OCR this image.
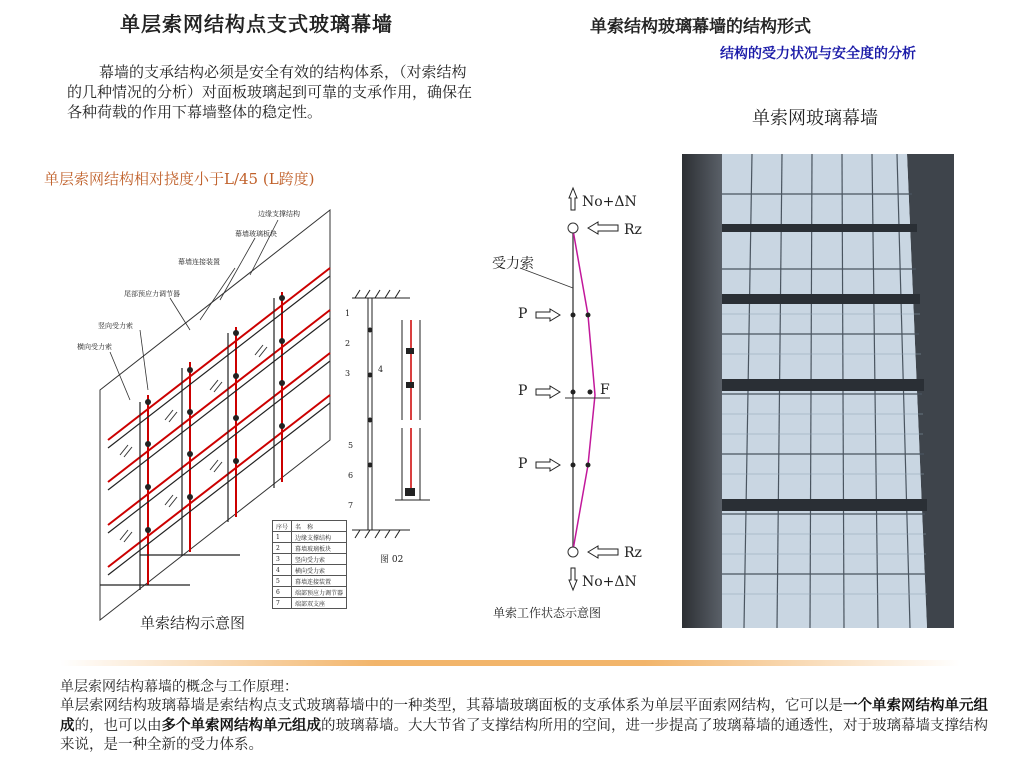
单层索网结构点支式玻璃幕墙	单索结构玻璃幕墙的结构形式
结构的受力状况与安全度的分析
幕墙的支承结构必须是安全有效的结构体系，（对索结构的几种情况的分析）对面板玻璃起到可靠的支承作用，确保在各种荷载的作用下幕墙整体的稳定性。
单层索网结构相对挠度小于L/45 (L跨度)
单索网玻璃幕墙
边缘支撑结构
幕墙玻璃板块
幕墙连接装置
尾部预应力调节器
竖向受力索
横向受力索
1
2
3	4
5
6
7
图 02
序号	名　称
1	边缘支撑结构
2	幕墙玻璃板块
3	竖向受力索
4	横向受力索
5	幕墙连接装置
6	端部预应力调节器
7	端部双支座
单索结构示意图
No+ΔN
Rz
受力索
P
P	F
P
Rz
No+ΔN
单索工作状态示意图
单层索网结构幕墙的概念与工作原理：
单层索网结构玻璃幕墙是索结构点支式玻璃幕墙中的一种类型，其幕墙玻璃面板的支承体系为单层平面索网结构，它可以是一个单索网结构单元组成的，也可以由多个单索网结构单元组成的玻璃幕墙。大大节省了支撑结构所用的空间，进一步提高了玻璃幕墙的通透性，对于玻璃幕墙支撑结构来说，是一种全新的受力体系。
